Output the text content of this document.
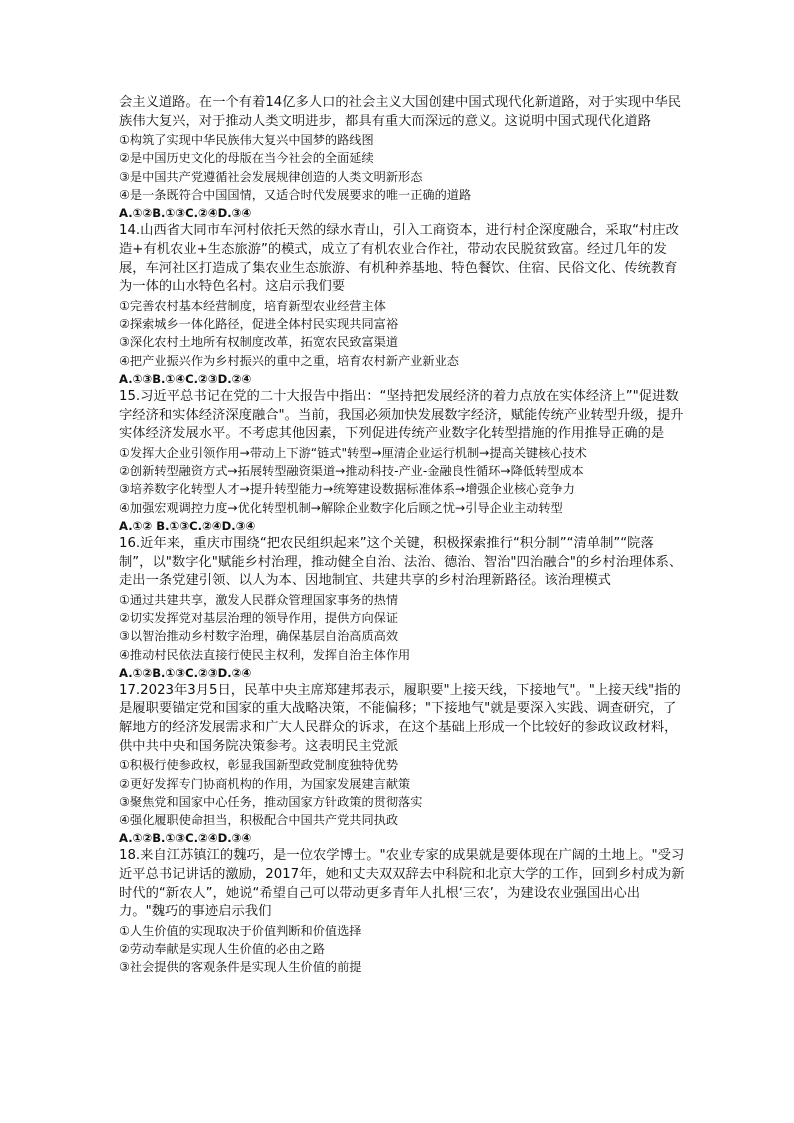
会主义道路。在一个有着14亿多人口的社会主义大国创建中国式现代化新道路，对于实现中华民族伟大复兴，对于推动人类文明进步，都具有重大而深远的意义。这说明中国式现代化道路

①构筑了实现中华民族伟大复兴中国梦的路线图

②是中国历史文化的母版在当今社会的全面延续

③是中国共产党遵循社会发展规律创造的人类文明新形态

④是一条既符合中国国情，又适合时代发展要求的唯一正确的道路

A.①②B.①③C.②④D.③④

14.山西省大同市车河村依托天然的绿水青山，引入工商资本，进行村企深度融合，采取“村庄改造+有机农业+生态旅游”的模式，成立了有机农业合作社，带动农民脱贫致富。经过几年的发展，车河社区打造成了集农业生态旅游、有机种养基地、特色餐饮、住宿、民俗文化、传统教育为一体的山水特色名村。这启示我们要

①完善农村基本经营制度，培育新型农业经营主体

②探索城乡一体化路径，促进全体村民实现共同富裕

③深化农村土地所有权制度改革，拓宽农民致富渠道

④把产业振兴作为乡村振兴的重中之重，培育农村新产业新业态

A.①③B.①④C.②③D.②④

15.习近平总书记在党的二十大报告中指出：“坚持把发展经济的着力点放在实体经济上”"促进数字经济和实体经济深度融合"。当前，我国必须加快发展数字经济，赋能传统产业转型升级，提升实体经济发展水平。不考虑其他因素，下列促进传统产业数字化转型措施的作用推导正确的是

①发挥大企业引领作用→带动上下游“链式"转型→厘清企业运行机制→提高关键核心技术

②创新转型融资方式→拓展转型融资渠道→推动科技-产业-金融良性循环→降低转型成本

③培养数字化转型人才→提升转型能力→统筹建设数据标准体系→增强企业核心竞争力

④加强宏观调控力度→优化转型机制→解除企业数字化后顾之忧→引导企业主动转型

A.①② B.①③C.②④D.③④

16.近年来，重庆市围绕“把农民组织起来”这个关键，积极探索推行“积分制”“清单制”“院落制”，以"数字化"赋能乡村治理，推动健全自治、法治、德治、智治"四治融合"的乡村治理体系、走出一条党建引领、以人为本、因地制宜、共建共享的乡村治理新路径。该治理模式

①通过共建共享，激发人民群众管理国家事务的热情

②切实发挥党对基层治理的领导作用，提供方向保证

③以智治推动乡村数字治理，确保基层自治高质高效

④推动村民依法直接行使民主权利，发挥自治主体作用

A.①②B.①③C.②③D.②④

17.2023年3月5日，民革中央主席郑建邦表示，履职要"上接天线，下接地气"。"上接天线"指的是履职要锚定党和国家的重大战略决策，不能偏移；"下接地气"就是要深入实践、调查研究，了解地方的经济发展需求和广大人民群众的诉求，在这个基础上形成一个比较好的参政议政材料，供中共中央和国务院决策参考。这表明民主党派

①积极行使参政权，彰显我国新型政党制度独特优势

②更好发挥专门协商机构的作用，为国家发展建言献策

③聚焦党和国家中心任务，推动国家方针政策的贯彻落实

④强化履职使命担当，积极配合中国共产党共同执政

A.①②B.①③C.②④D.③④

18.来自江苏镇江的魏巧，是一位农学博士。"农业专家的成果就是要体现在广阔的土地上。"受习近平总书记讲话的激励，2017年，她和丈夫双双辞去中科院和北京大学的工作，回到乡村成为新时代的“新农人”，她说“希望自己可以带动更多青年人扎根‘三农’，为建设农业强国出心出力。"魏巧的事迹启示我们

①人生价值的实现取决于价值判断和价值选择

②劳动奉献是实现人生价值的必由之路

③社会提供的客观条件是实现人生价值的前提
